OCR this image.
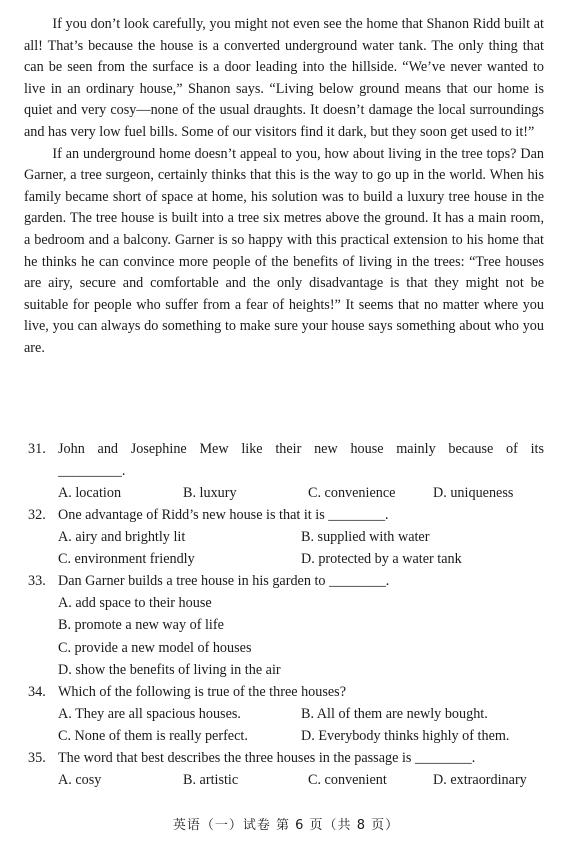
If you don’t look carefully, you might not even see the home that Shanon Ridd built at all! That’s because the house is a converted underground water tank. The only thing that can be seen from the surface is a door leading into the hillside. “We’ve never wanted to live in an ordinary house,” Shanon says. “Living below ground means that our home is quiet and very cosy—none of the usual draughts. It doesn’t damage the local surroundings and has very low fuel bills. Some of our visitors find it dark, but they soon get used to it!”

If an underground home doesn’t appeal to you, how about living in the tree tops? Dan Garner, a tree surgeon, certainly thinks that this is the way to go up in the world. When his family became short of space at home, his solution was to build a luxury tree house in the garden. The tree house is built into a tree six metres above the ground. It has a main room, a bedroom and a balcony. Garner is so happy with this practical extension to his home that he thinks he can convince more people of the benefits of living in the trees: “Tree houses are airy, secure and comfortable and the only disadvantage is that they might not be suitable for people who suffer from a fear of heights!” It seems that no matter where you live, you can always do something to make sure your house says something about who you are.

31. John and Josephine Mew like their new house mainly because of its
_________.
A. location	B. luxury	C. convenience	D. uniqueness
32. One advantage of Ridd’s new house is that it is ________.
A. airy and brightly lit	B. supplied with water
C. environment friendly	D. protected by a water tank
33. Dan Garner builds a tree house in his garden to ________.
A. add space to their house
B. promote a new way of life
C. provide a new model of houses
D. show the benefits of living in the air
34. Which of the following is true of the three houses?
A. They are all spacious houses.	B. All of them are newly bought.
C. None of them is really perfect.	D. Everybody thinks highly of them.
35. The word that best describes the three houses in the passage is ________.
A. cosy	B. artistic	C. convenient	D. extraordinary
英语（一）试卷 第 6 页（共 8 页）
